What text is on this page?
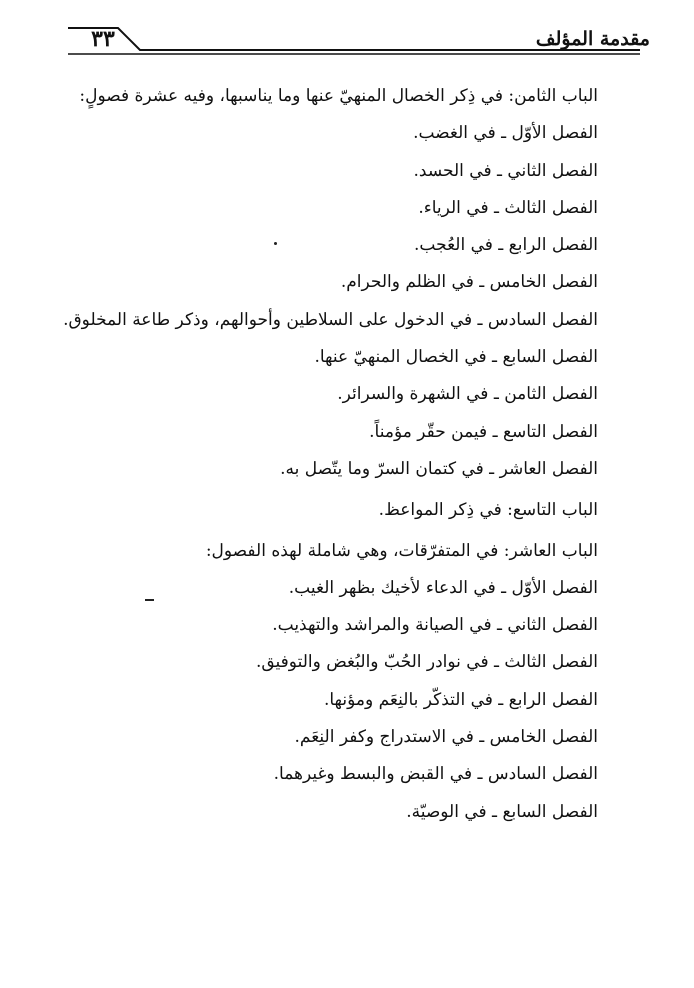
٣٣	مقدمة المؤلف
الباب الثامن: في ذِكر الخصال المنهيّ عنها وما يناسبها، وفيه عشرة فصولٍ:
الفصل الأوّل ـ في الغضب.
الفصل الثاني ـ في الحسد.
الفصل الثالث ـ في الرياء.
الفصل الرابع ـ في العُجب.
الفصل الخامس ـ في الظلم والحرام.
الفصل السادس ـ في الدخول على السلاطين وأحوالهم، وذكر طاعة المخلوق.
الفصل السابع ـ في الخصال المنهيّ عنها.
الفصل الثامن ـ في الشهرة والسرائر.
الفصل التاسع ـ فيمن حقّر مؤمناً.
الفصل العاشر ـ في كتمان السرّ وما يتّصل به.
الباب التاسع: في ذِكر المواعظ.
الباب العاشر: في المتفرّقات، وهي شاملة لهذه الفصول:
الفصل الأوّل ـ في الدعاء لأخيك بظهر الغيب.
الفصل الثاني ـ في الصيانة والمراشد والتهذيب.
الفصل الثالث ـ في نوادر الحُبّ والبُغض والتوفيق.
الفصل الرابع ـ في التذكّر بالنِعَم ومؤنها.
الفصل الخامس ـ في الاستدراج وكفر النِعَم.
الفصل السادس ـ في القبض والبسط وغيرهما.
الفصل السابع ـ في الوصيّة.
